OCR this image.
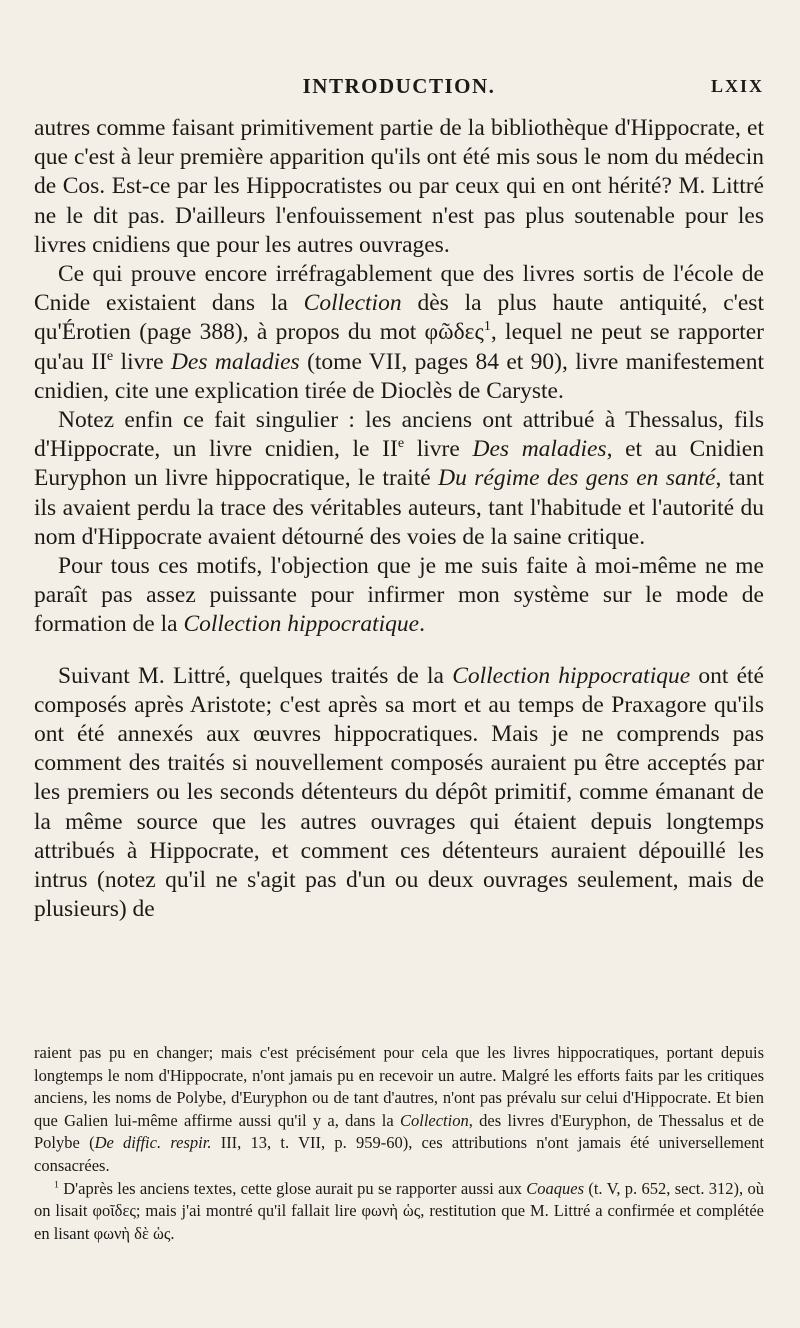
INTRODUCTION.	LXIX

autres comme faisant primitivement partie de la bibliothèque d'Hippocrate, et que c'est à leur première apparition qu'ils ont été mis sous le nom du médecin de Cos. Est-ce par les Hippocratistes ou par ceux qui en ont hérité? M. Littré ne le dit pas. D'ailleurs l'enfouissement n'est pas plus soutenable pour les livres cnidiens que pour les autres ouvrages.

Ce qui prouve encore irréfragablement que des livres sortis de l'école de Cnide existaient dans la Collection dès la plus haute antiquité, c'est qu'Érotien (page 388), à propos du mot φῶδες$^1$, lequel ne peut se rapporter qu'au IIe livre Des maladies (tome VII, pages 84 et 90), livre manifestement cnidien, cite une explication tirée de Dioclès de Caryste.

Notez enfin ce fait singulier : les anciens ont attribué à Thessalus, fils d'Hippocrate, un livre cnidien, le IIe livre Des maladies, et au Cnidien Euryphon un livre hippocratique, le traité Du régime des gens en santé, tant ils avaient perdu la trace des véritables auteurs, tant l'habitude et l'autorité du nom d'Hippocrate avaient détourné des voies de la saine critique.

Pour tous ces motifs, l'objection que je me suis faite à moi-même ne me paraît pas assez puissante pour infirmer mon système sur le mode de formation de la Collection hippocratique.

Suivant M. Littré, quelques traités de la Collection hippocratique ont été composés après Aristote; c'est après sa mort et au temps de Praxagore qu'ils ont été annexés aux œuvres hippocratiques. Mais je ne comprends pas comment des traités si nouvellement composés auraient pu être acceptés par les premiers ou les seconds détenteurs du dépôt primitif, comme émanant de la même source que les autres ouvrages qui étaient depuis longtemps attribués à Hippocrate, et comment ces détenteurs auraient dépouillé les intrus (notez qu'il ne s'agit pas d'un ou deux ouvrages seulement, mais de plusieurs) de

raient pas pu en changer; mais c'est précisément pour cela que les livres hippocratiques, portant depuis longtemps le nom d'Hippocrate, n'ont jamais pu en recevoir un autre. Malgré les efforts faits par les critiques anciens, les noms de Polybe, d'Euryphon ou de tant d'autres, n'ont pas prévalu sur celui d'Hippocrate. Et bien que Galien lui-même affirme aussi qu'il y a, dans la Collection, des livres d'Euryphon, de Thessalus et de Polybe (De diffic. respir. III, 13, t. VII, p. 959-60), ces attributions n'ont jamais été universellement consacrées.

$^1$ D'après les anciens textes, cette glose aurait pu se rapporter aussi aux Coaques (t. V, p. 652, sect. 312), où on lisait φοῖδες; mais j'ai montré qu'il fallait lire φωνὴ ὡς, restitution que M. Littré a confirmée et complétée en lisant φωνὴ δὲ ὡς.
